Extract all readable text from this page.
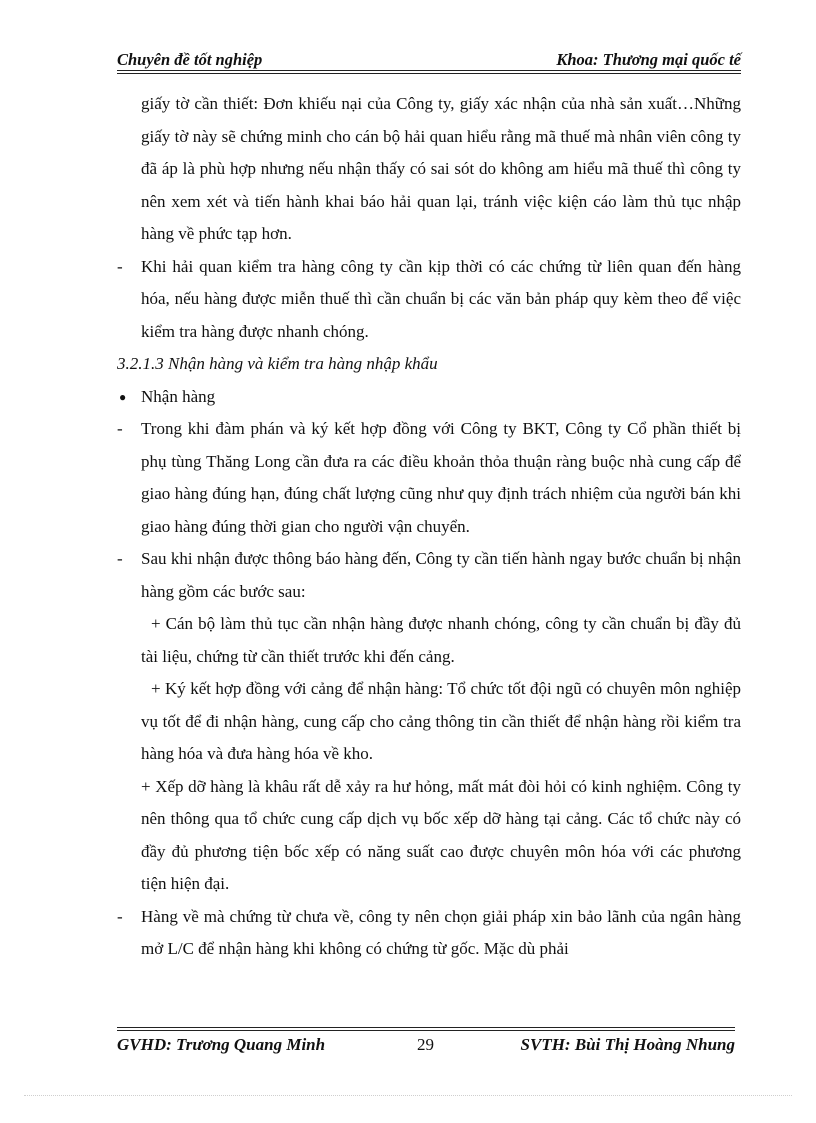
Chuyên đề tốt nghiệp	Khoa: Thương mại quốc tế

giấy tờ cần thiết: Đơn khiếu nại của Công ty, giấy xác nhận của nhà sản xuất…Những giấy tờ này sẽ chứng minh cho cán bộ hải quan hiểu rằng mã thuế mà nhân viên công ty đã áp là phù hợp nhưng nếu nhận thấy có sai sót do không am hiểu mã thuế thì công ty nên xem xét và tiến hành khai báo hải quan lại, tránh việc kiện cáo làm thủ tục nhập hàng về phức tạp hơn.

- Khi hải quan kiểm tra hàng công ty cần kịp thời có các chứng từ liên quan đến hàng hóa, nếu hàng được miễn thuế thì cần chuẩn bị các văn bản pháp quy kèm theo để việc kiểm tra hàng được nhanh chóng.

3.2.1.3 Nhận hàng và kiểm tra hàng nhập khẩu

● Nhận hàng

- Trong khi đàm phán và ký kết hợp đồng với Công ty BKT, Công ty Cổ phần thiết bị phụ tùng Thăng Long cần đưa ra các điều khoản thỏa thuận ràng buộc nhà cung cấp để giao hàng đúng hạn, đúng chất lượng cũng như quy định trách nhiệm của người bán khi giao hàng đúng thời gian cho người vận chuyển.

- Sau khi nhận được thông báo hàng đến, Công ty cần tiến hành ngay bước chuẩn bị nhận hàng gồm các bước sau:

+ Cán bộ làm thủ tục cần nhận hàng được nhanh chóng, công ty cần chuẩn bị đầy đủ tài liệu, chứng từ cần thiết trước khi đến cảng.

+ Ký kết hợp đồng với cảng để nhận hàng: Tổ chức tốt đội ngũ có chuyên môn nghiệp vụ tốt để đi nhận hàng, cung cấp cho cảng thông tin cần thiết để nhận hàng rồi kiểm tra hàng hóa và đưa hàng hóa về kho.

+ Xếp dỡ hàng là khâu rất dễ xảy ra hư hỏng, mất mát đòi hỏi có kinh nghiệm. Công ty nên thông qua tổ chức cung cấp dịch vụ bốc xếp dỡ hàng tại cảng. Các tổ chức này có đầy đủ phương tiện bốc xếp có năng suất cao được chuyên môn hóa với các phương tiện hiện đại.

- Hàng về mà chứng từ chưa về, công ty nên chọn giải pháp xin bảo lãnh của ngân hàng mở L/C để nhận hàng khi không có chứng từ gốc. Mặc dù phải

GVHD: Trương Quang Minh	29	SVTH: Bùi Thị Hoàng Nhung
